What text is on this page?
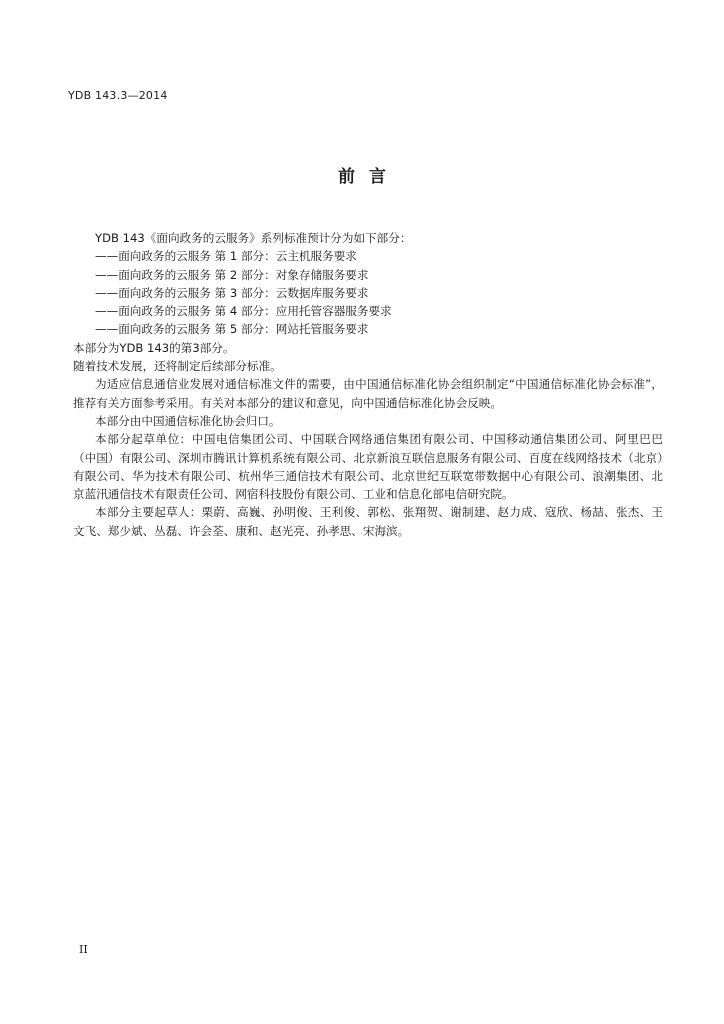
YDB 143.3—2014
前言
YDB 143《面向政务的云服务》系列标准预计分为如下部分：
——面向政务的云服务 第 1 部分：云主机服务要求
——面向政务的云服务 第 2 部分：对象存储服务要求
——面向政务的云服务 第 3 部分：云数据库服务要求
——面向政务的云服务 第 4 部分：应用托管容器服务要求
——面向政务的云服务 第 5 部分：网站托管服务要求
本部分为YDB 143的第3部分。
随着技术发展，还将制定后续部分标准。
为适应信息通信业发展对通信标准文件的需要，由中国通信标准化协会组织制定“中国通信标准化协会标准”，推荐有关方面参考采用。有关对本部分的建议和意见，向中国通信标准化协会反映。
本部分由中国通信标准化协会归口。
本部分起草单位：中国电信集团公司、中国联合网络通信集团有限公司、中国移动通信集团公司、阿里巴巴（中国）有限公司、深圳市腾讯计算机系统有限公司、北京新浪互联信息服务有限公司、百度在线网络技术（北京）有限公司、华为技术有限公司、杭州华三通信技术有限公司、北京世纪互联宽带数据中心有限公司、浪潮集团、北京蓝汛通信技术有限责任公司、网宿科技股份有限公司、工业和信息化部电信研究院。
本部分主要起草人：栗蔚、高巍、孙明俊、王利俊、郭松、张翔贺、谢制建、赵力成、寇欣、杨喆、张杰、王文飞、郑少斌、丛磊、许会荃、康和、赵光亮、孙孝思、宋海滨。
II
